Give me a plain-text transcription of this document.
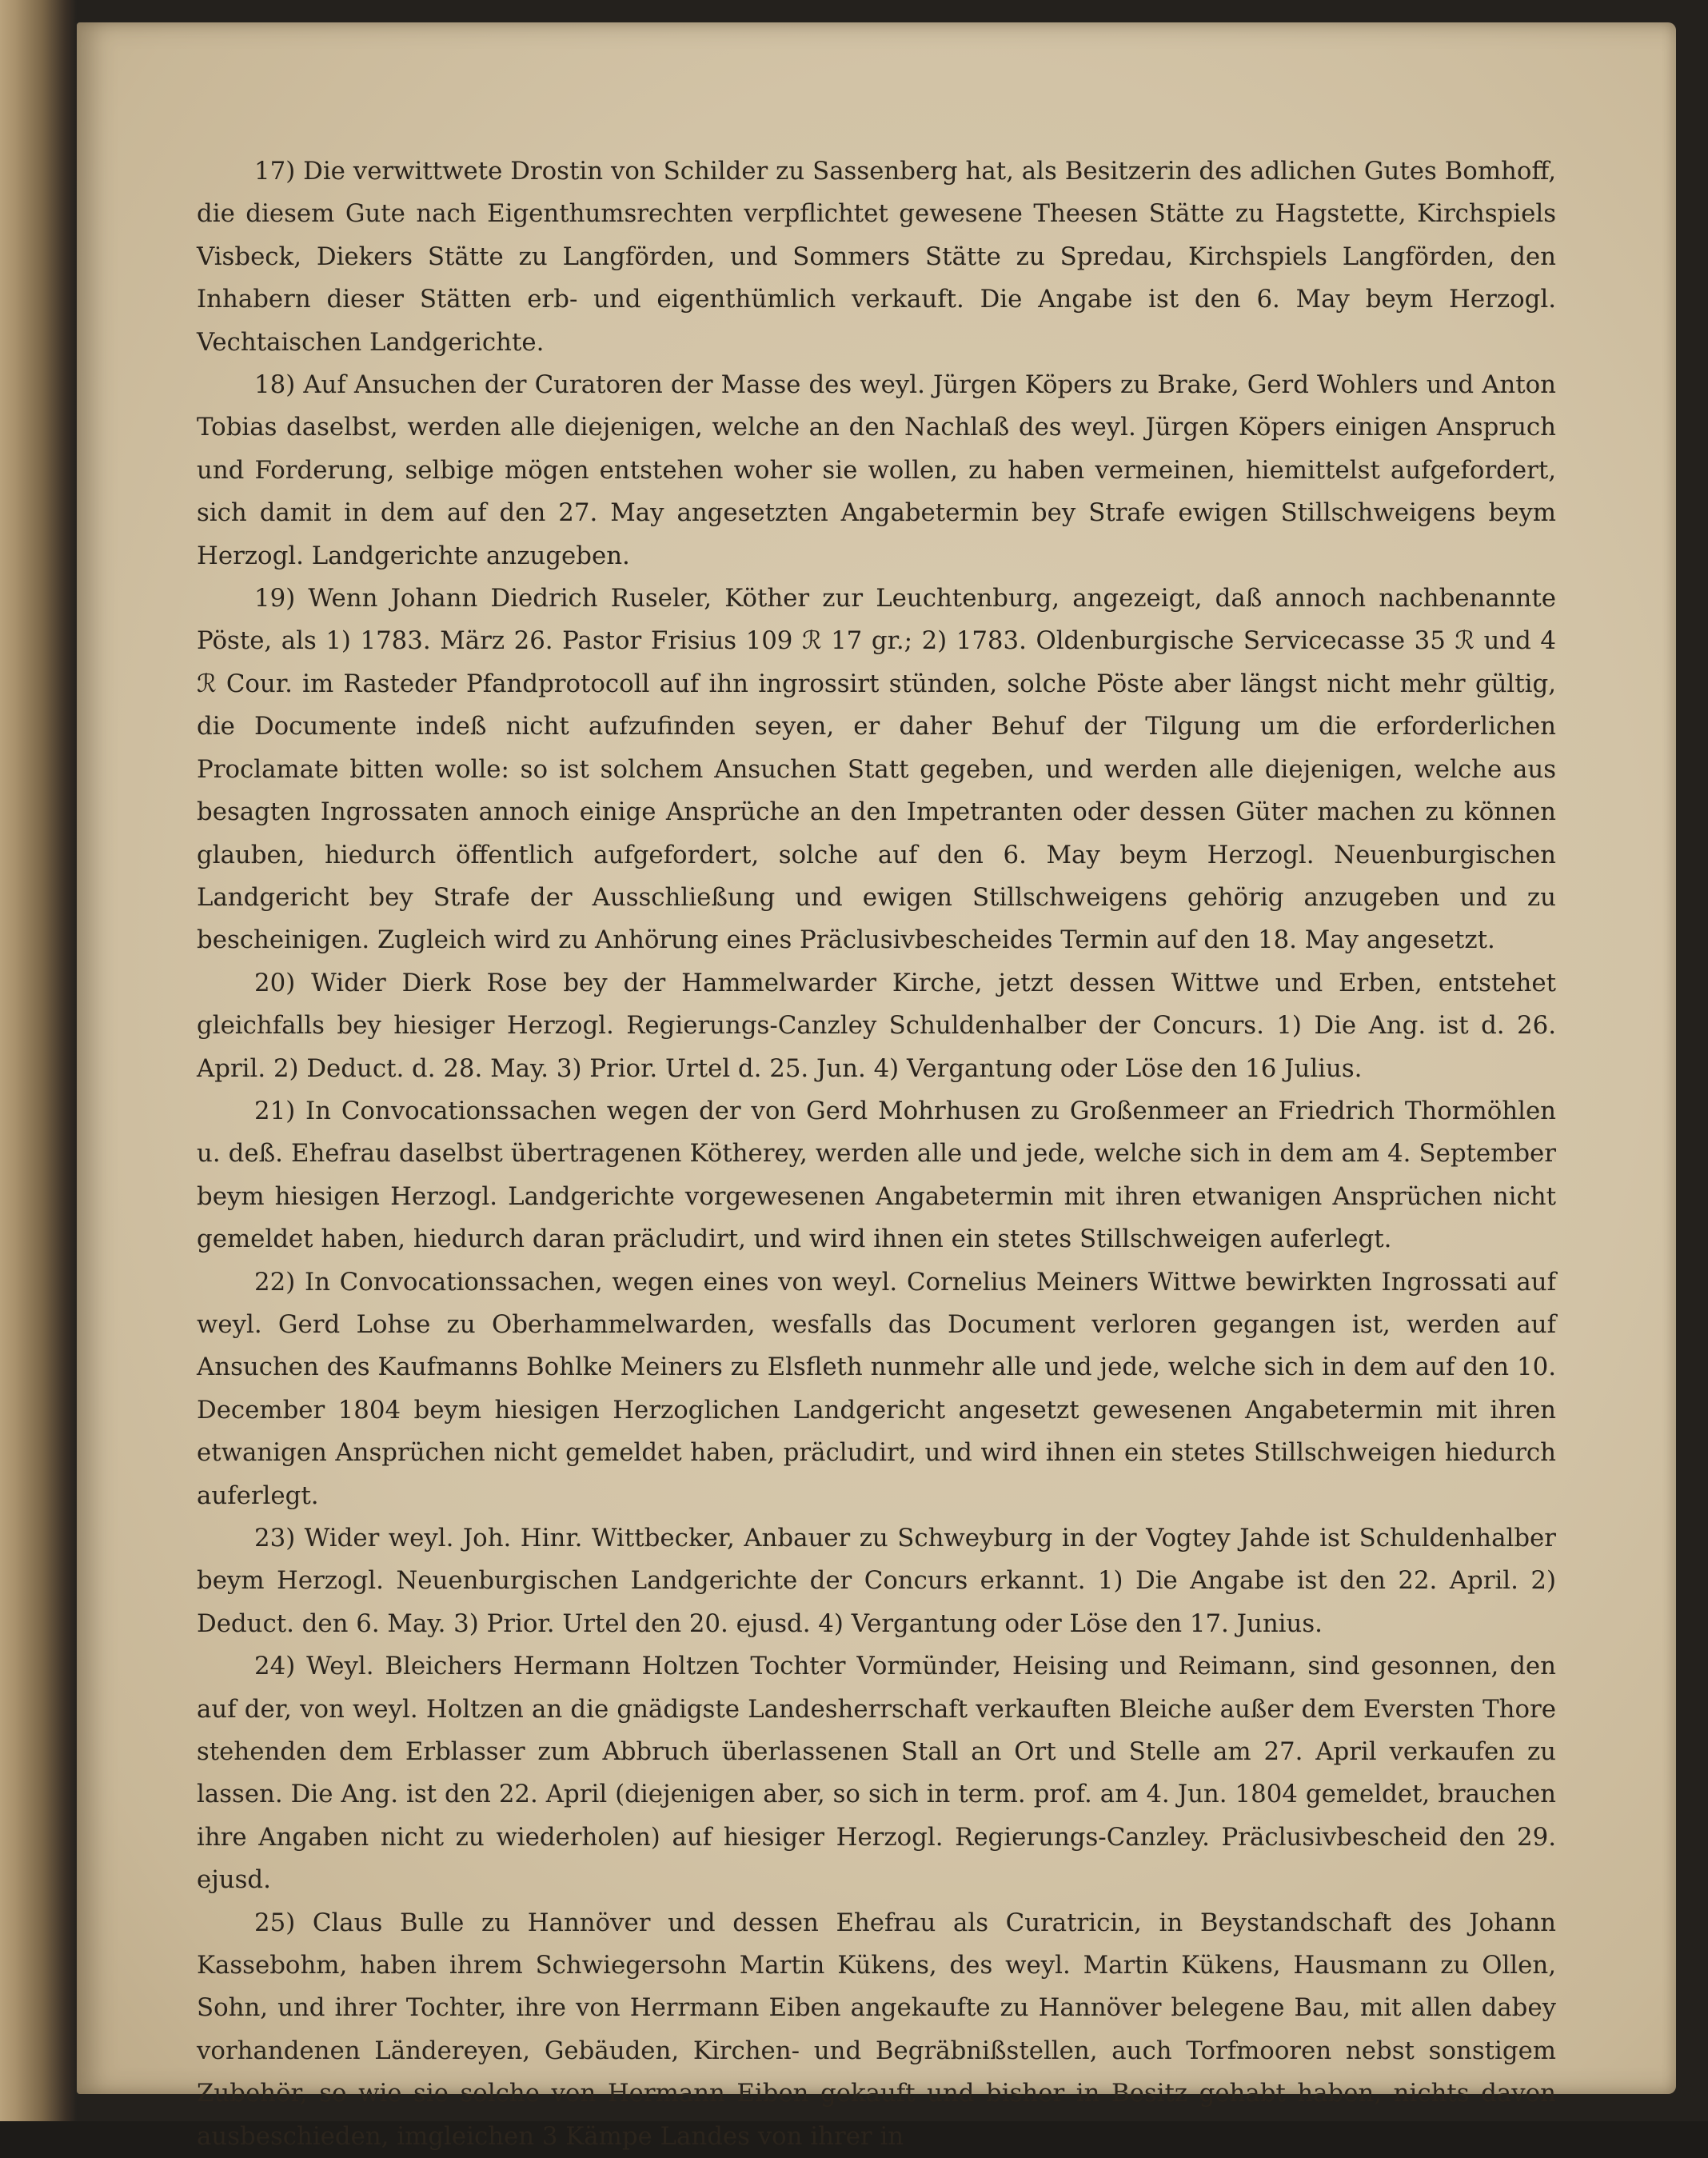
17) Die verwittwete Drostin von Schilder zu Sassenberg hat, als Besitzerin des adlichen Gutes Bomhoff, die diesem Gute nach Eigenthumsrechten verpflichtet gewesene Theesen Stätte zu Hagstette, Kirchspiels Visbeck, Diekers Stätte zu Langförden, und Sommers Stätte zu Spredau, Kirchspiels Langförden, den Inhabern dieser Stätten erb- und eigenthümlich verkauft. Die Angabe ist den 6. May beym Herzogl. Vechtaischen Landgerichte.

18) Auf Ansuchen der Curatoren der Masse des weyl. Jürgen Köpers zu Brake, Gerd Wohlers und Anton Tobias daselbst, werden alle diejenigen, welche an den Nachlaß des weyl. Jürgen Köpers einigen Anspruch und Forderung, selbige mögen entstehen woher sie wollen, zu haben vermeinen, hiemittelst aufgefordert, sich damit in dem auf den 27. May angesetzten Angabetermin bey Strafe ewigen Stillschweigens beym Herzogl. Landgerichte anzugeben.

19) Wenn Johann Diedrich Ruseler, Köther zur Leuchtenburg, angezeigt, daß annoch nachbenannte Pöste, als 1) 1783. März 26. Pastor Frisius 109 ℛ 17 gr.; 2) 1783. Oldenburgische Servicecasse 35 ℛ und 4 ℛ Cour. im Rasteder Pfandprotocoll auf ihn ingrossirt stünden, solche Pöste aber längst nicht mehr gültig, die Documente indeß nicht aufzufinden seyen, er daher Behuf der Tilgung um die erforderlichen Proclamate bitten wolle: so ist solchem Ansuchen Statt gegeben, und werden alle diejenigen, welche aus besagten Ingrossaten annoch einige Ansprüche an den Impetranten oder dessen Güter machen zu können glauben, hiedurch öffentlich aufgefordert, solche auf den 6. May beym Herzogl. Neuenburgischen Landgericht bey Strafe der Ausschließung und ewigen Stillschweigens gehörig anzugeben und zu bescheinigen. Zugleich wird zu Anhörung eines Präclusivbescheides Termin auf den 18. May angesetzt.

20) Wider Dierk Rose bey der Hammelwarder Kirche, jetzt dessen Wittwe und Erben, entstehet gleichfalls bey hiesiger Herzogl. Regierungs-Canzley Schuldenhalber der Concurs. 1) Die Ang. ist d. 26. April. 2) Deduct. d. 28. May. 3) Prior. Urtel d. 25. Jun. 4) Vergantung oder Löse den 16 Julius.

21) In Convocationssachen wegen der von Gerd Mohrhusen zu Großenmeer an Friedrich Thormöhlen u. deß. Ehefrau daselbst übertragenen Kötherey, werden alle und jede, welche sich in dem am 4. September beym hiesigen Herzogl. Landgerichte vorgewesenen Angabetermin mit ihren etwanigen Ansprüchen nicht gemeldet haben, hiedurch daran präcludirt, und wird ihnen ein stetes Stillschweigen auferlegt.

22) In Convocationssachen, wegen eines von weyl. Cornelius Meiners Wittwe bewirkten Ingrossati auf weyl. Gerd Lohse zu Oberhammelwarden, wesfalls das Document verloren gegangen ist, werden auf Ansuchen des Kaufmanns Bohlke Meiners zu Elsfleth nunmehr alle und jede, welche sich in dem auf den 10. December 1804 beym hiesigen Herzoglichen Landgericht angesetzt gewesenen Angabetermin mit ihren etwanigen Ansprüchen nicht gemeldet haben, präcludirt, und wird ihnen ein stetes Stillschweigen hiedurch auferlegt.

23) Wider weyl. Joh. Hinr. Wittbecker, Anbauer zu Schweyburg in der Vogtey Jahde ist Schuldenhalber beym Herzogl. Neuenburgischen Landgerichte der Concurs erkannt. 1) Die Angabe ist den 22. April. 2) Deduct. den 6. May. 3) Prior. Urtel den 20. ejusd. 4) Vergantung oder Löse den 17. Junius.

24) Weyl. Bleichers Hermann Holtzen Tochter Vormünder, Heising und Reimann, sind gesonnen, den auf der, von weyl. Holtzen an die gnädigste Landesherrschaft verkauften Bleiche außer dem Eversten Thore stehenden dem Erblasser zum Abbruch überlassenen Stall an Ort und Stelle am 27. April verkaufen zu lassen. Die Ang. ist den 22. April (diejenigen aber, so sich in term. prof. am 4. Jun. 1804 gemeldet, brauchen ihre Angaben nicht zu wiederholen) auf hiesiger Herzogl. Regierungs-Canzley. Präclusivbescheid den 29. ejusd.

25) Claus Bulle zu Hannöver und dessen Ehefrau als Curatricin, in Beystandschaft des Johann Kassebohm, haben ihrem Schwiegersohn Martin Kükens, des weyl. Martin Kükens, Hausmann zu Ollen, Sohn, und ihrer Tochter, ihre von Herrmann Eiben angekaufte zu Hannöver belegene Bau, mit allen dabey vorhandenen Ländereyen, Gebäuden, Kirchen- und Begräbnißstellen, auch Torfmooren nebst sonstigem Zubehör, so wie sie solche von Hermann Eiben gekauft und bisher in Besitz gehabt haben, nichts davon ausbeschieden, imgleichen 3 Kämpe Landes von ihrer in
